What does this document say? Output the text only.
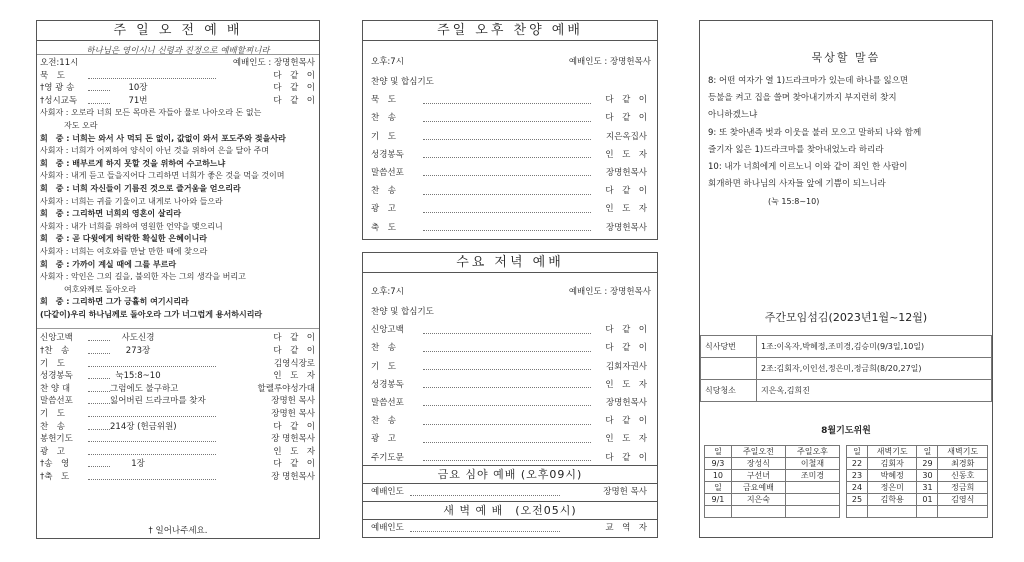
주 일 오 전 예 배
하나님은 영이시니 신령과 진정으로 예배할찌니라
오전:11시	예배인도 : 장명헌목사
묵　도	다　같　이
†영 광 송	10장	다　같　이
†성시교독	71번	다　같　이
사회자 : 오로라 너희 모든 목마른 자들아 물로 나아오라 돈 없는
　　　자도 오라
회　중 : 너희는 와서 사 먹되 돈 없이, 값없이 와서 포도주와 젖을사라
사회자 : 너희가 어찌하여 양식이 아닌 것을 위하여 은을 달아 주며
회　중 : 배부르게 하지 못할 것을 위하여 수고하느냐
사회자 : 내게 듣고 들을지어다 그리하면 너희가 좋은 것을 먹을 것이며
회　중 : 너희 자신들이 기름진 것으로 즐거움을 얻으리라
사회자 : 너희는 귀를 기울이고 내게로 나아와 들으라
회　중 : 그리하면 너희의 영혼이 살리라
사회자 : 내가 너희를 위하여 영원한 언약을 맺으리니
회　중 : 곧 다윗에게 허락한 확실한 은혜이니라
사회자 : 너희는 여호와를 만날 만한 때에 찾으라
회　중 : 가까이 계실 때에 그를 부르라
사회자 : 악인은 그의 길을, 불의한 자는 그의 생각을 버리고
　　　여호와께로 돌아오라
회　중 : 그리하면 그가 긍휼히 여기시리라
(다같이)우리 하나님께로 돌아오라 그가 너그럽게 용서하시리라
신앙고백	사도신경	다　같　이
†찬　송	273장	다　같　이
기　도	김영식장로
성경봉독	눅15:8~10	인　도　자
찬 양 대	그럼에도 불구하고	할렐루야성가대
말씀선포	잃어버린 드라크마를 찾자	장명헌 목사
기　도	장명헌 목사
찬　송	214장 (헌금위원)	다　같　이
봉헌기도	장 명헌목사
광　고	인　도　자
†송　영	1장	다　같　이
†축　도	장 명헌목사
† 일어나주세요.
주일 오후 찬양 예배
오후:7시	예배인도 : 장명헌목사
찬양 및 합심기도
묵　도	다　같　이
찬　송	다　같　이
기　도	지은옥집사
성경봉독	인　도　자
말씀선포	장명헌목사
찬　송	다　같　이
광　고	인　도　자
축　도	장명헌목사
수요 저녁 예배
오후:7시	예배인도 : 장명헌목사
찬양 및 합심기도
신앙고백	다　같　이
찬　송	다　같　이
기　도	김회자권사
성경봉독	인　도　자
말씀선포	장명헌목사
찬　송	다　같　이
광　고	인　도　자
주기도문	다　같　이
금요 심야 예배 (오후09시)
예배인도	장명헌 목사
새 벽 예 배　(오전05시)
예배인도	교　역　자
묵상할 말씀
8: 어떤 여자가 열 1)드라크마가 있는데 하나를 잃으면
등불을 켜고 집을 쓸며 찾아내기까지 부지런히 찾지
아니하겠느냐
9: 또 찾아낸즉 벗과 이웃을 불러 모으고 말하되 나와 함께
즐기자 잃은 1)드라크마를 찾아내었노라 하리라
10: 내가 너희에게 이르노니 이와 같이 죄인 한 사람이
회개하면 하나님의 사자들 앞에 기쁨이 되느니라
(눅 15:8~10)
주간모임섬김(2023년1월~12월)
식사당번	1조:이옥자,박혜정,조미경,김승미(9/3일,10일)
	2조:김회자,이인선,정은미,정금희(8/20,27일)
식당청소	지은옥,김희진
8월기도위원
일	주일오전	주일오후
9/3	장성식	이철재
10	구선녀	조미경
일	금요예배	
9/1	지은숙	

일	새벽기도	일	새벽기도
22	김회자	29	최경화
23	박혜정	30	신동호
24	정은미	31	정금희
25	김학용	01	김영식
